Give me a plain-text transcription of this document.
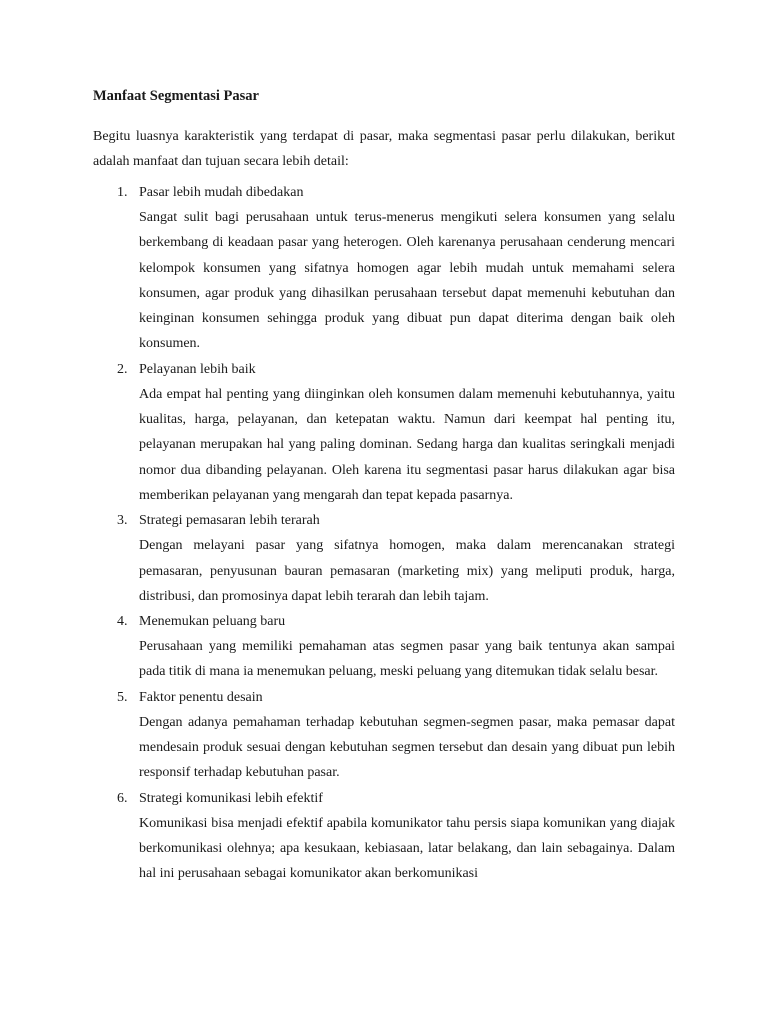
Manfaat Segmentasi Pasar

Begitu luasnya karakteristik yang terdapat di pasar, maka segmentasi pasar perlu dilakukan, berikut adalah manfaat dan tujuan secara lebih detail:

1. Pasar lebih mudah dibedakan

Sangat sulit bagi perusahaan untuk terus-menerus mengikuti selera konsumen yang selalu berkembang di keadaan pasar yang heterogen. Oleh karenanya perusahaan cenderung mencari kelompok konsumen yang sifatnya homogen agar lebih mudah untuk memahami selera konsumen, agar produk yang dihasilkan perusahaan tersebut dapat memenuhi kebutuhan dan keinginan konsumen sehingga produk yang dibuat pun dapat diterima dengan baik oleh konsumen.

2. Pelayanan lebih baik

Ada empat hal penting yang diinginkan oleh konsumen dalam memenuhi kebutuhannya, yaitu kualitas, harga, pelayanan, dan ketepatan waktu. Namun dari keempat hal penting itu, pelayanan merupakan hal yang paling dominan. Sedang harga dan kualitas seringkali menjadi nomor dua dibanding pelayanan. Oleh karena itu segmentasi pasar harus dilakukan agar bisa memberikan pelayanan yang mengarah dan tepat kepada pasarnya.

3. Strategi pemasaran lebih terarah

Dengan melayani pasar yang sifatnya homogen, maka dalam merencanakan strategi pemasaran, penyusunan bauran pemasaran (marketing mix) yang meliputi produk, harga, distribusi, dan promosinya dapat lebih terarah dan lebih tajam.

4. Menemukan peluang baru

Perusahaan yang memiliki pemahaman atas segmen pasar yang baik tentunya akan sampai pada titik di mana ia menemukan peluang, meski peluang yang ditemukan tidak selalu besar.

5. Faktor penentu desain

Dengan adanya pemahaman terhadap kebutuhan segmen-segmen pasar, maka pemasar dapat mendesain produk sesuai dengan kebutuhan segmen tersebut dan desain yang dibuat pun lebih responsif terhadap kebutuhan pasar.

6. Strategi komunikasi lebih efektif

Komunikasi bisa menjadi efektif apabila komunikator tahu persis siapa komunikan yang diajak berkomunikasi olehnya; apa kesukaan, kebiasaan, latar belakang, dan lain sebagainya. Dalam hal ini perusahaan sebagai komunikator akan berkomunikasi
